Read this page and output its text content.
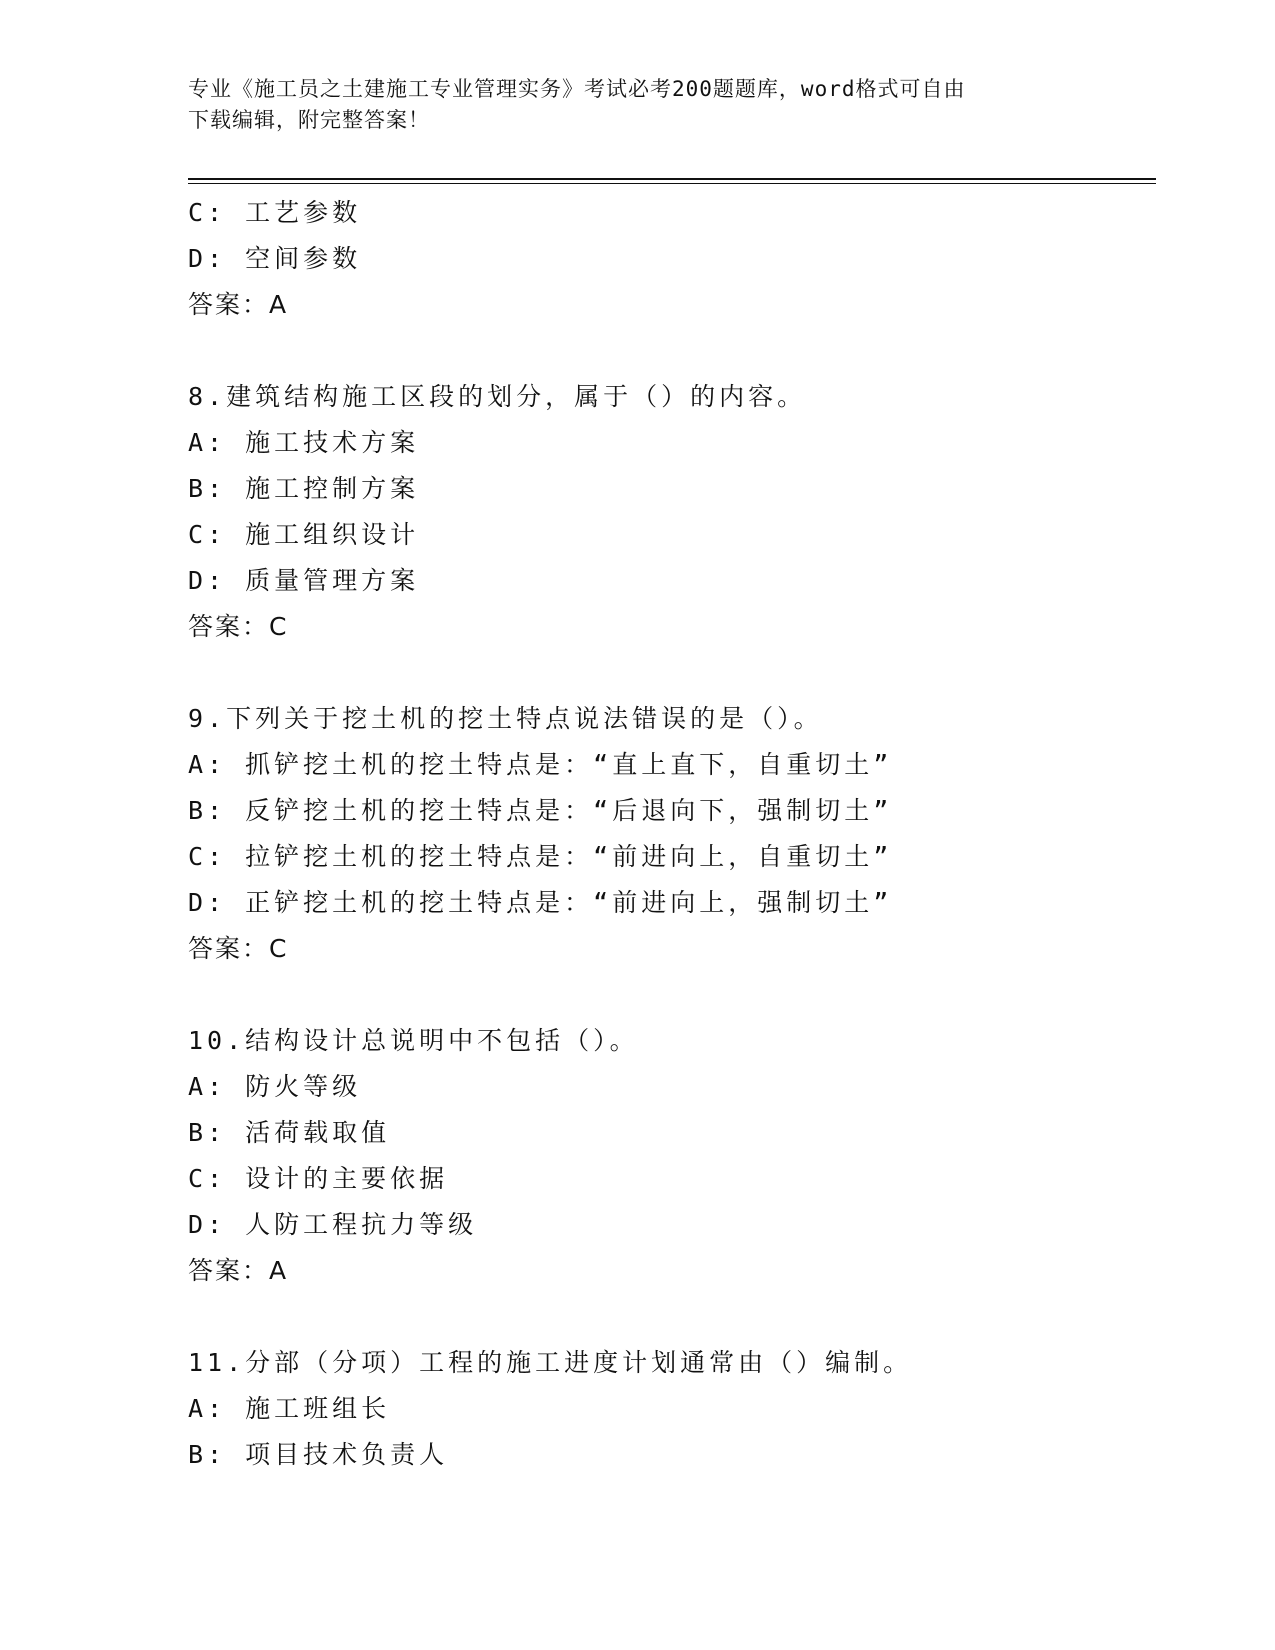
专业《施工员之土建施工专业管理实务》考试必考200题题库，word格式可自由
下载编辑，附完整答案！
C: 工艺参数
D: 空间参数
答案：A
8.建筑结构施工区段的划分，属于（）的内容。
A: 施工技术方案
B: 施工控制方案
C: 施工组织设计
D: 质量管理方案
答案：C
9.下列关于挖土机的挖土特点说法错误的是（）。
A: 抓铲挖土机的挖土特点是：“直上直下，自重切土”
B: 反铲挖土机的挖土特点是：“后退向下，强制切土”
C: 拉铲挖土机的挖土特点是：“前进向上，自重切土”
D: 正铲挖土机的挖土特点是：“前进向上，强制切土”
答案：C
10.结构设计总说明中不包括（）。
A: 防火等级
B: 活荷载取值
C: 设计的主要依据
D: 人防工程抗力等级
答案：A
11.分部（分项）工程的施工进度计划通常由（）编制。
A: 施工班组长
B: 项目技术负责人
